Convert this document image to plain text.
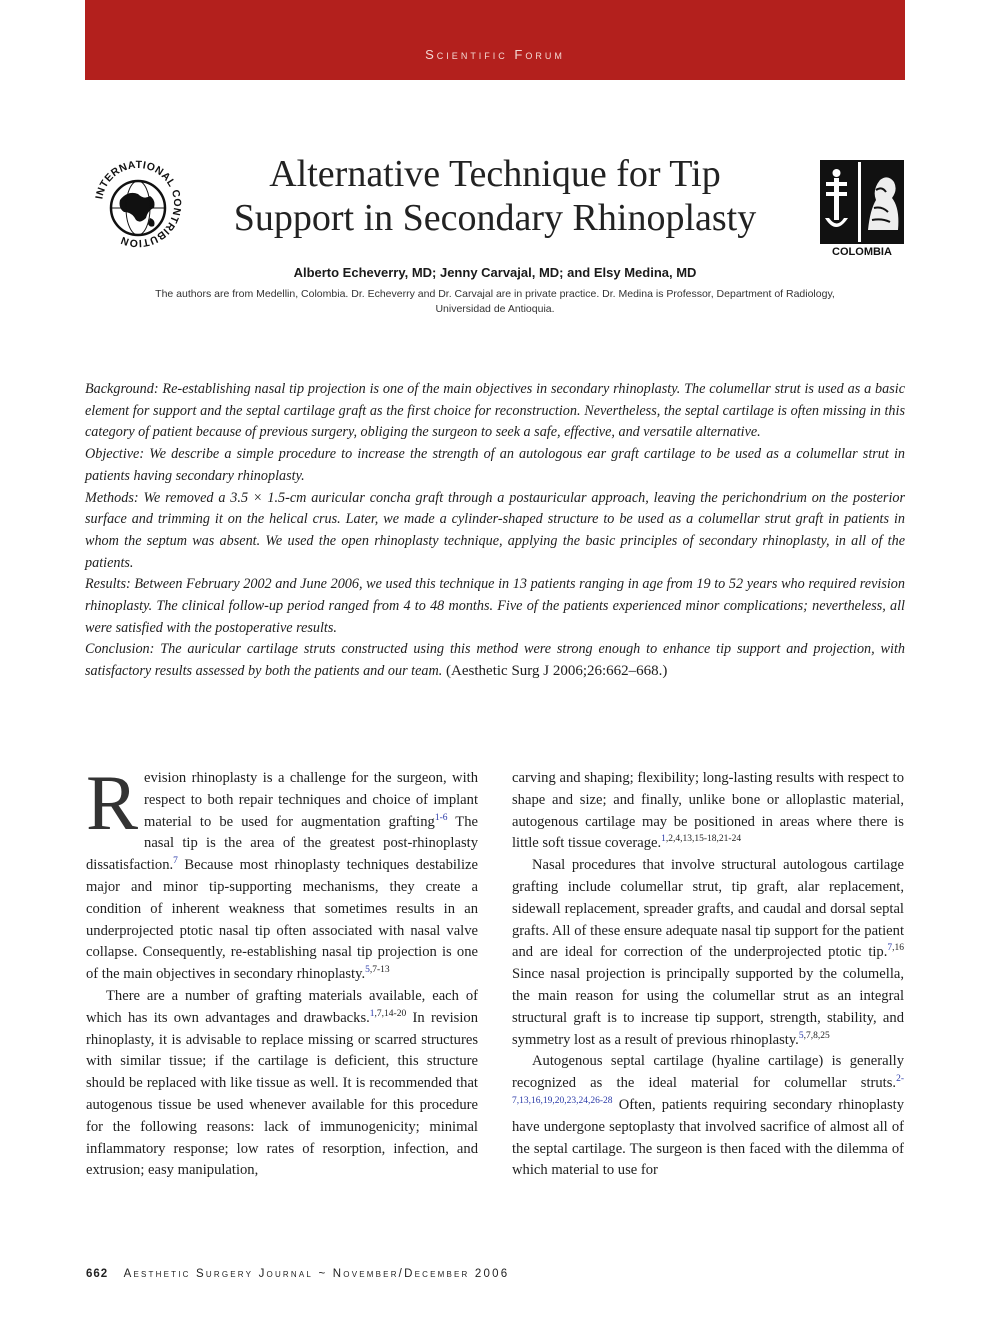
Scientific Forum
INTERNATIONAL CONTRIBUTION
COLOMBIA
Alternative Technique for Tip
Support in Secondary Rhinoplasty
Alberto Echeverry, MD; Jenny Carvajal, MD; and Elsy Medina, MD
The authors are from Medellin, Colombia. Dr. Echeverry and Dr. Carvajal are in private practice. Dr. Medina is Professor, Department of Radiology,
Universidad de Antioquia.

Background: Re-establishing nasal tip projection is one of the main objectives in secondary rhinoplasty. The columellar strut is used as a basic element for support and the septal cartilage graft as the first choice for reconstruction. Nevertheless, the septal cartilage is often missing in this category of patient because of previous surgery, obliging the surgeon to seek a safe, effective, and versatile alternative.

Objective: We describe a simple procedure to increase the strength of an autologous ear graft cartilage to be used as a columellar strut in patients having secondary rhinoplasty.

Methods: We removed a 3.5 × 1.5-cm auricular concha graft through a postauricular approach, leaving the perichondrium on the posterior surface and trimming it on the helical crus. Later, we made a cylinder-shaped structure to be used as a columellar strut graft in patients in whom the septum was absent. We used the open rhinoplasty technique, applying the basic principles of secondary rhinoplasty, in all of the patients.

Results: Between February 2002 and June 2006, we used this technique in 13 patients ranging in age from 19 to 52 years who required revision rhinoplasty. The clinical follow-up period ranged from 4 to 48 months. Five of the patients experienced minor complications; nevertheless, all were satisfied with the postoperative results.

Conclusion: The auricular cartilage struts constructed using this method were strong enough to enhance tip support and projection, with satisfactory results assessed by both the patients and our team. (Aesthetic Surg J 2006;26:662–668.)

Revision rhinoplasty is a challenge for the surgeon, with respect to both repair techniques and choice of implant material to be used for augmentation grafting$^{1-6}$ The nasal tip is the area of the greatest post-rhinoplasty dissatisfaction.$^7$ Because most rhinoplasty techniques destabilize major and minor tip-supporting mechanisms, they create a condition of inherent weakness that sometimes results in an underprojected ptotic nasal tip often associated with nasal valve collapse. Consequently, re-establishing nasal tip projection is one of the main objectives in secondary rhinoplasty.$^{5,7-13}$

There are a number of grafting materials available, each of which has its own advantages and drawbacks.$^{1,7,14-20}$ In revision rhinoplasty, it is advisable to replace missing or scarred structures with similar tissue; if the cartilage is deficient, this structure should be replaced with like tissue as well. It is recommended that autogenous tissue be used whenever available for this procedure for the following reasons: lack of immunogenicity; minimal inflammatory response; low rates of resorption, infection, and extrusion; easy manipulation,

carving and shaping; flexibility; long-lasting results with respect to shape and size; and finally, unlike bone or alloplastic material, autogenous cartilage may be positioned in areas where there is little soft tissue coverage.$^{1,2,4,13,15-18,21-24}$

Nasal procedures that involve structural autologous cartilage grafting include columellar strut, tip graft, alar replacement, sidewall replacement, spreader grafts, and caudal and dorsal septal grafts. All of these ensure adequate nasal tip support for the patient and are ideal for correction of the underprojected ptotic tip.$^{7,16}$ Since nasal projection is principally supported by the columella, the main reason for using the columellar strut as an integral structural graft is to increase tip support, strength, stability, and symmetry lost as a result of previous rhinoplasty.$^{5,7,8,25}$

Autogenous septal cartilage (hyaline cartilage) is generally recognized as the ideal material for columellar struts.$^{2-7,13,16,19,20,23,24,26-28}$ Often, patients requiring secondary rhinoplasty have undergone septoplasty that involved sacrifice of almost all of the septal cartilage. The surgeon is then faced with the dilemma of which material to use for

662 Aesthetic Surgery Journal ~ November/December 2006
